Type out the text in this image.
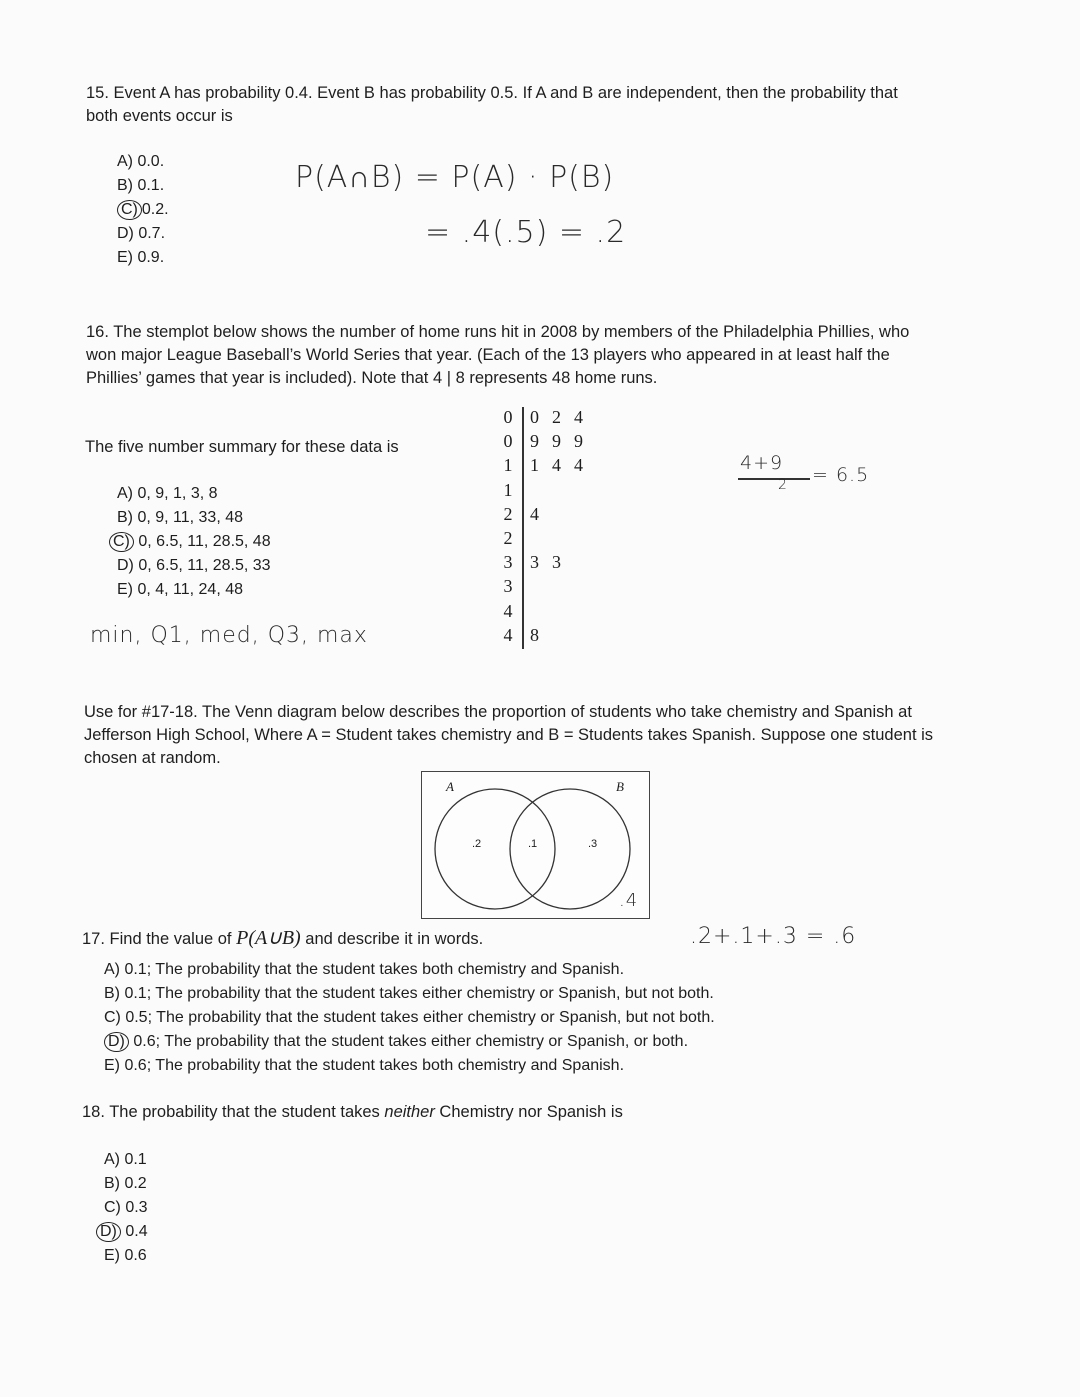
15. Event A has probability 0.4. Event B has probability 0.5. If A and B are independent, then the probability that
both events occur is
A) 0.0.
B) 0.1.
C) 0.2.
D) 0.7.
E) 0.9.
P(A∩B) = P(A) · P(B)
= .4(.5) = .2
16. The stemplot below shows the number of home runs hit in 2008 by members of the Philadelphia Phillies, who
won major League Baseball’s World Series that year. (Each of the 13 players who appeared in at least half the
Phillies’ games that year is included). Note that 4 | 8 represents 48 home runs.
The five number summary for these data is
A) 0, 9, 1, 3, 8
B) 0, 9, 11, 33, 48
C) 0, 6.5, 11, 28.5, 48
D) 0, 6.5, 11, 28.5, 33
E) 0, 4, 11, 24, 48
min, Q1, med, Q3, max
0 024
0 999
1 144
1
2 4
2
3 33
3
4
4 8
4+9
2 = 6.5
Use for #17-18. The Venn diagram below describes the proportion of students who take chemistry and Spanish at
Jefferson High School, Where A = Student takes chemistry and B = Students takes Spanish. Suppose one student is
chosen at random.
A	B
.2	.1	.3
.4
17. Find the value of P(A∪B) and describe it in words.	.2+.1+.3 = .6
A) 0.1; The probability that the student takes both chemistry and Spanish.
B) 0.1; The probability that the student takes either chemistry or Spanish, but not both.
C) 0.5; The probability that the student takes either chemistry or Spanish, but not both.
D) 0.6; The probability that the student takes either chemistry or Spanish, or both.
E) 0.6; The probability that the student takes both chemistry and Spanish.
18. The probability that the student takes neither Chemistry nor Spanish is
A) 0.1
B) 0.2
C) 0.3
D) 0.4
E) 0.6
